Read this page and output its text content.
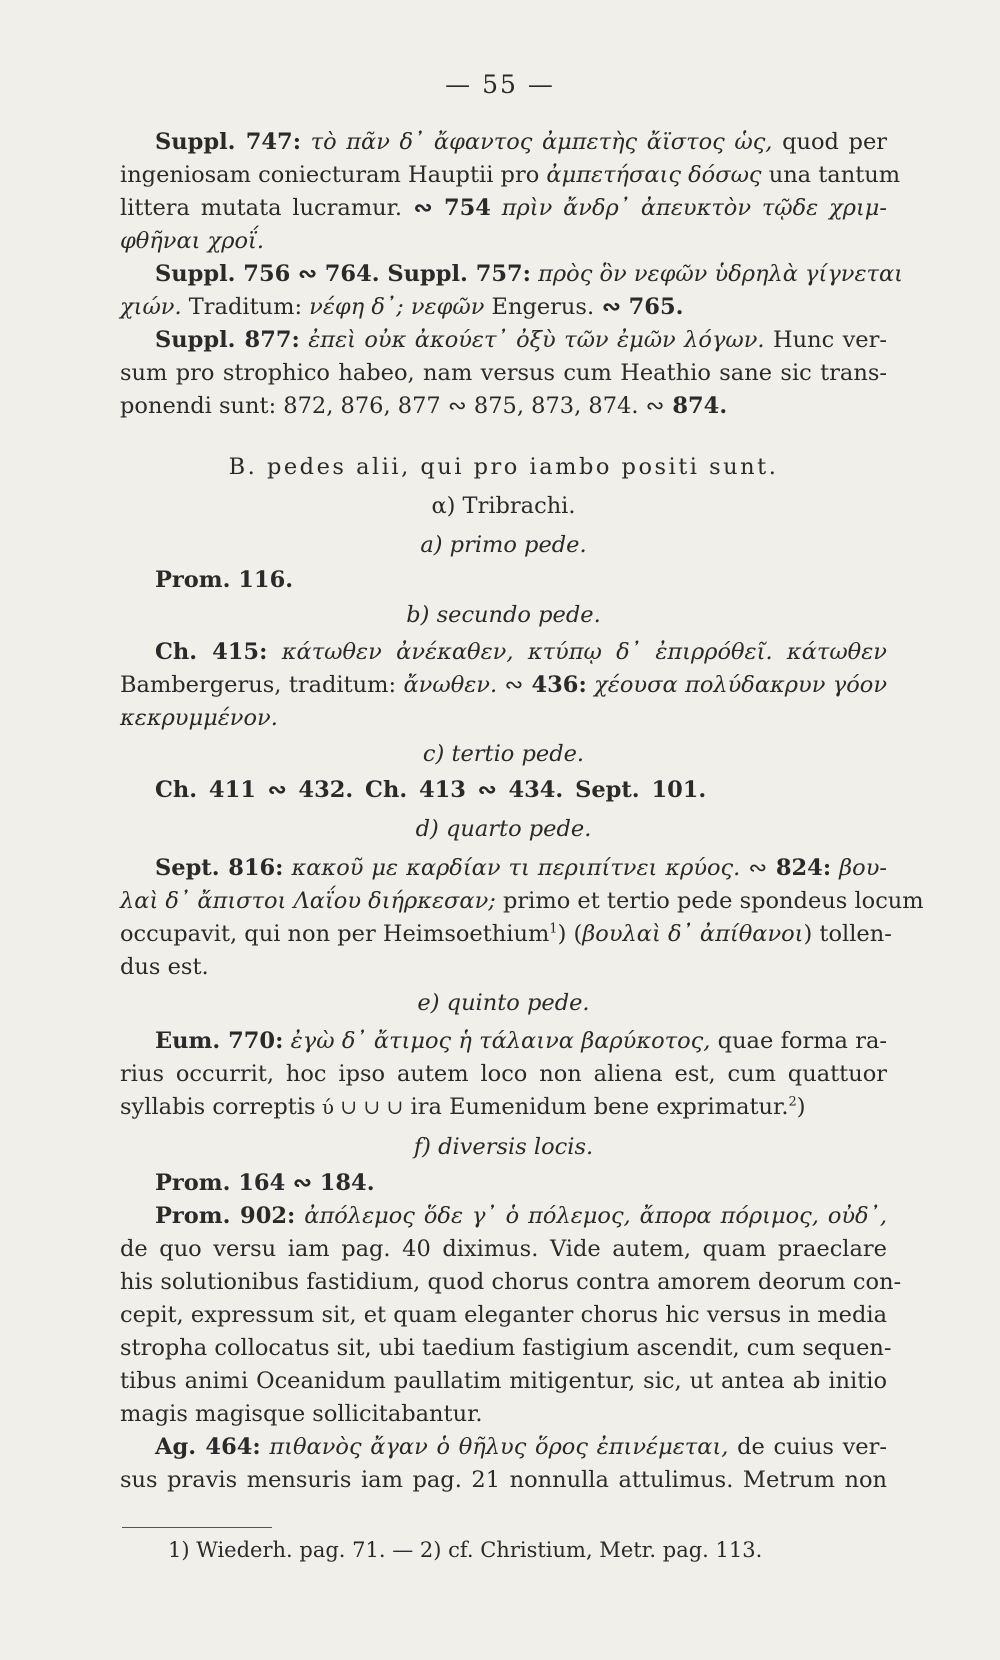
— 55 —
Suppl. 747: τὸ πᾶν δ᾽ ἄφαντος ἀμπετὴς ἄϊστος ὡς, quod per
ingeniosam coniecturam Hauptii pro ἀμπετήσαις δόσως una tantum
littera mutata lucramur. ∾ 754 πρὶν ἄνδρ᾽ ἀπευκτὸν τῷδε χριμ-
φθῆναι χροΐ.
Suppl. 756 ∾ 764. Suppl. 757: πρὸς ὃν νεφῶν ὑδρηλὰ γίγνεται
χιών. Traditum: νέφη δ᾽; νεφῶν Engerus. ∾ 765.
Suppl. 877: ἐπεὶ οὐκ ἀκούετ᾽ ὀξὺ τῶν ἐμῶν λόγων. Hunc ver-
sum pro strophico habeo, nam versus cum Heathio sane sic trans-
ponendi sunt: 872, 876, 877 ∾ 875, 873, 874. ∾ 874.
B. pedes alii, qui pro iambo positi sunt.
α) Tribrachi.
a) primo pede.
Prom. 116.
b) secundo pede.
Ch. 415: κάτωθεν ἀνέκαθεν, κτύπῳ δ᾽ ἐπιρρόθεῖ. κάτωθεν
Bambergerus, traditum: ἄνωθεν. ∾ 436: χέουσα πολύδακρυν γόον
κεκρυμμένον.
c) tertio pede.
Ch. 411 ∾ 432. Ch. 413 ∾ 434. Sept. 101.
d) quarto pede.
Sept. 816: κακοῦ με καρδίαν τι περιπίτνει κρύος. ∾ 824: βου-
λαὶ δ᾽ ἄπιστοι Λαΐου διήρκεσαν; primo et tertio pede spondeus locum
occupavit, qui non per Heimsoethium$^1$) (βουλαὶ δ᾽ ἀπίθανοι) tollen-
dus est.
e) quinto pede.
Eum. 770: ἐγὼ δ᾽ ἄτιμος ἡ τάλαινα βαρύκοτος, quae forma ra-
rius occurrit, hoc ipso autem loco non aliena est, cum quattuor
syllabis correptis ύ ∪ ∪ ∪ ira Eumenidum bene exprimatur.$^2$)
f) diversis locis.
Prom. 164 ∾ 184.
Prom. 902: ἀπόλεμος ὅδε γ᾽ ὁ πόλεμος, ἄπορα πόριμος, οὐδ᾽,
de quo versu iam pag. 40 diximus. Vide autem, quam praeclare
his solutionibus fastidium, quod chorus contra amorem deorum con-
cepit, expressum sit, et quam eleganter chorus hic versus in media
stropha collocatus sit, ubi taedium fastigium ascendit, cum sequen-
tibus animi Oceanidum paullatim mitigentur, sic, ut antea ab initio
magis magisque sollicitabantur.
Ag. 464: πιθανὸς ἄγαν ὁ θῆλυς ὅρος ἐπινέμεται, de cuius ver-
sus pravis mensuris iam pag. 21 nonnulla attulimus. Metrum non
1) Wiederh. pag. 71. — 2) cf. Christium, Metr. pag. 113.
